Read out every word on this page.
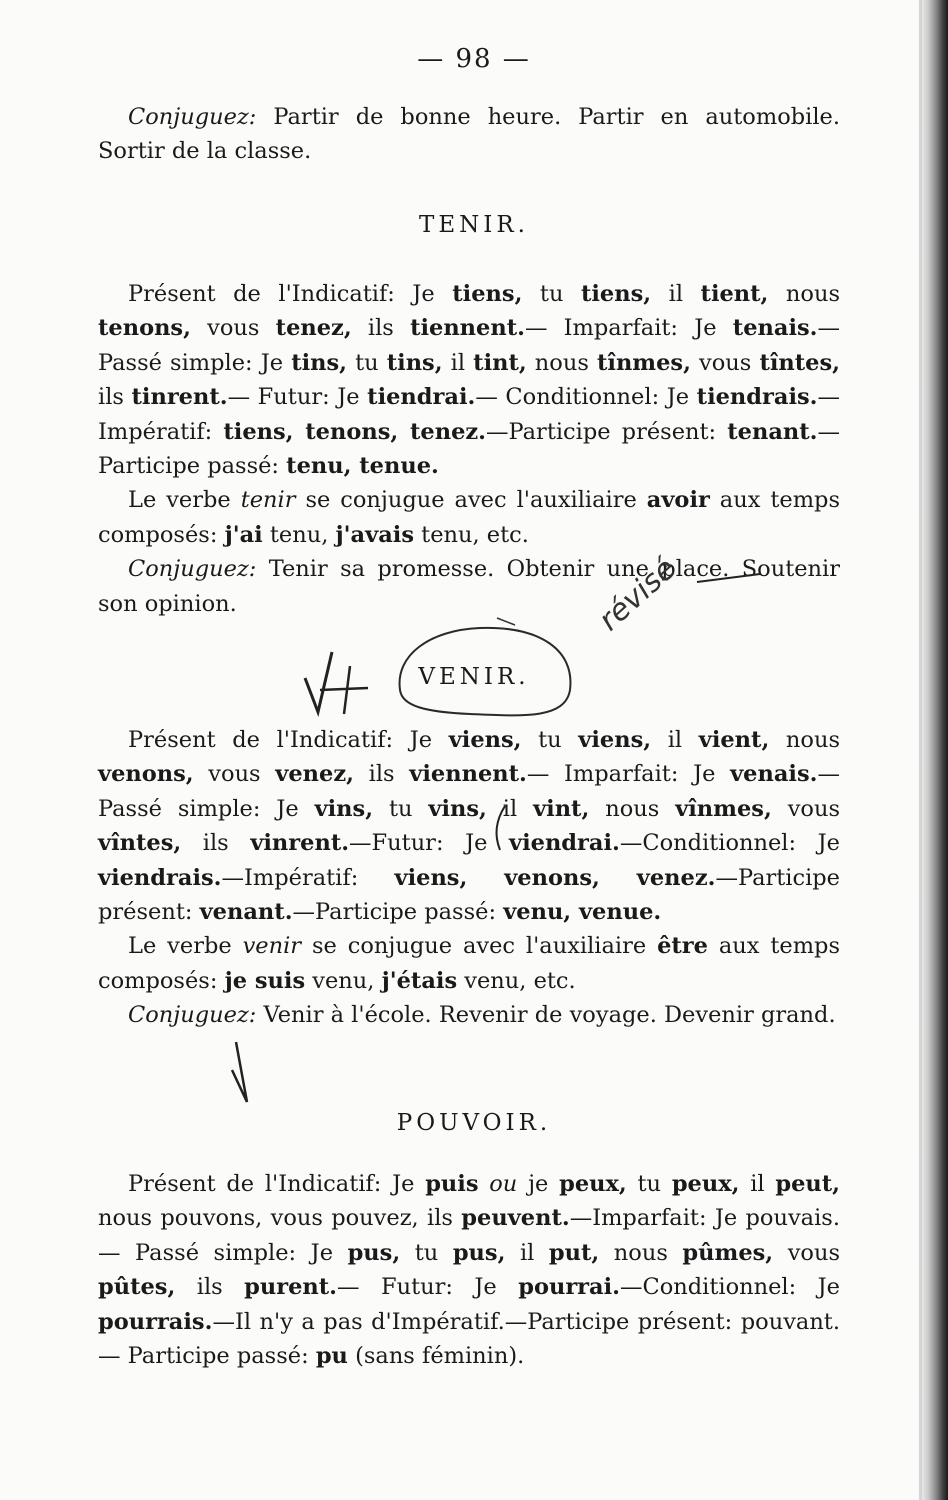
— 98 —

Conjuguez: Partir de bonne heure. Partir en automobile. Sortir de la classe.

TENIR.

Présent de l'Indicatif: Je tiens, tu tiens, il tient, nous tenons, vous tenez, ils tiennent.— Imparfait: Je tenais.— Passé simple: Je tins, tu tins, il tint, nous tînmes, vous tîntes, ils tinrent.— Futur: Je tiendrai.— Conditionnel: Je tiendrais.— Impératif: tiens, tenons, tenez.—Participe présent: tenant.— Participe passé: tenu, tenue.

Le verbe tenir se conjugue avec l'auxiliaire avoir aux temps composés: j'ai tenu, j'avais tenu, etc.

Conjuguez: Tenir sa promesse. Obtenir une place. Soutenir son opinion.

VENIR.

Présent de l'Indicatif: Je viens, tu viens, il vient, nous venons, vous venez, ils viennent.— Imparfait: Je venais.— Passé simple: Je vins, tu vins, il vint, nous vînmes, vous vîntes, ils vinrent.—Futur: Je viendrai.—Conditionnel: Je viendrais.—Impératif: viens, venons, venez.—Participe présent: venant.—Participe passé: venu, venue.

Le verbe venir se conjugue avec l'auxiliaire être aux temps composés: je suis venu, j'étais venu, etc.

Conjuguez: Venir à l'école. Revenir de voyage. Devenir grand.

POUVOIR.

Présent de l'Indicatif: Je puis ou je peux, tu peux, il peut, nous pouvons, vous pouvez, ils peuvent.—Imparfait: Je pouvais.— Passé simple: Je pus, tu pus, il put, nous pûmes, vous pûtes, ils purent.— Futur: Je pourrai.—Conditionnel: Je pourrais.—Il n'y a pas d'Impératif.—Participe présent: pouvant.— Participe passé: pu (sans féminin).

révisé
